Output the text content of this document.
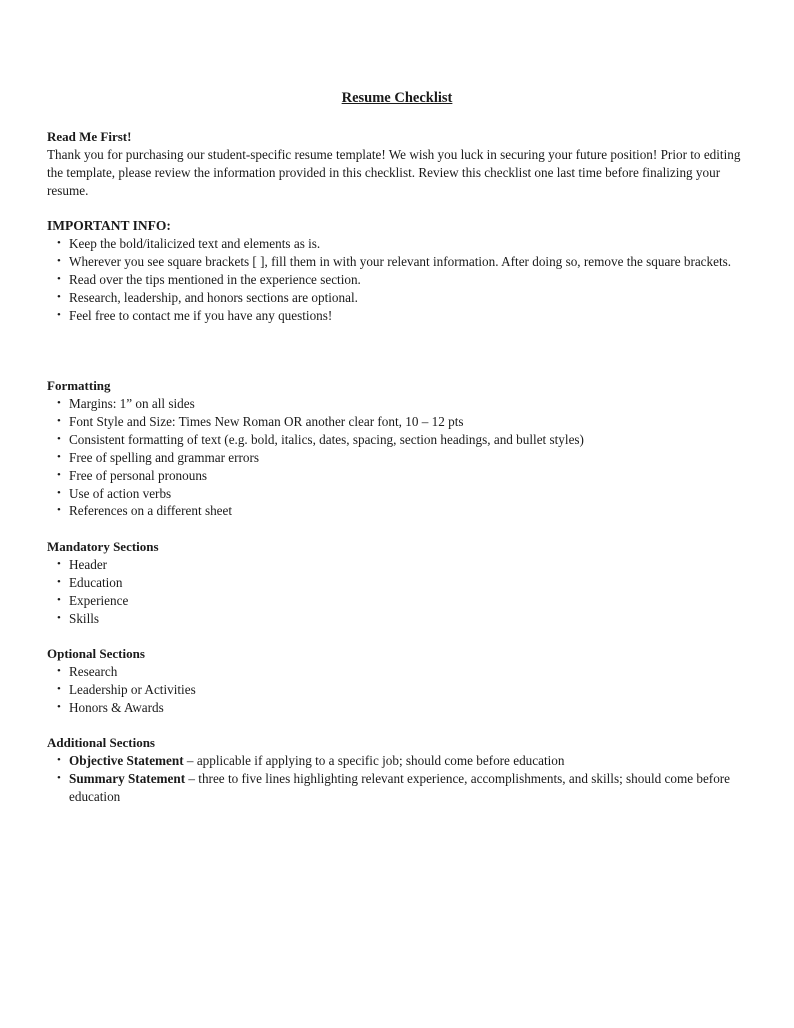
Resume Checklist

Read Me First!

Thank you for purchasing our student-specific resume template! We wish you luck in securing your future position! Prior to editing the template, please review the information provided in this checklist. Review this checklist one last time before finalizing your resume.

IMPORTANT INFO:

• Keep the bold/italicized text and elements as is.
• Wherever you see square brackets [ ], fill them in with your relevant information. After doing so, remove the square brackets.
• Read over the tips mentioned in the experience section.
• Research, leadership, and honors sections are optional.
• Feel free to contact me if you have any questions!

Formatting

• Margins: 1” on all sides
• Font Style and Size: Times New Roman OR another clear font, 10 – 12 pts
• Consistent formatting of text (e.g. bold, italics, dates, spacing, section headings, and bullet styles)
• Free of spelling and grammar errors
• Free of personal pronouns
• Use of action verbs
• References on a different sheet

Mandatory Sections

• Header
• Education
• Experience
• Skills

Optional Sections

• Research
• Leadership or Activities
• Honors & Awards

Additional Sections

• Objective Statement – applicable if applying to a specific job; should come before education
• Summary Statement – three to five lines highlighting relevant experience, accomplishments, and skills; should come before education
